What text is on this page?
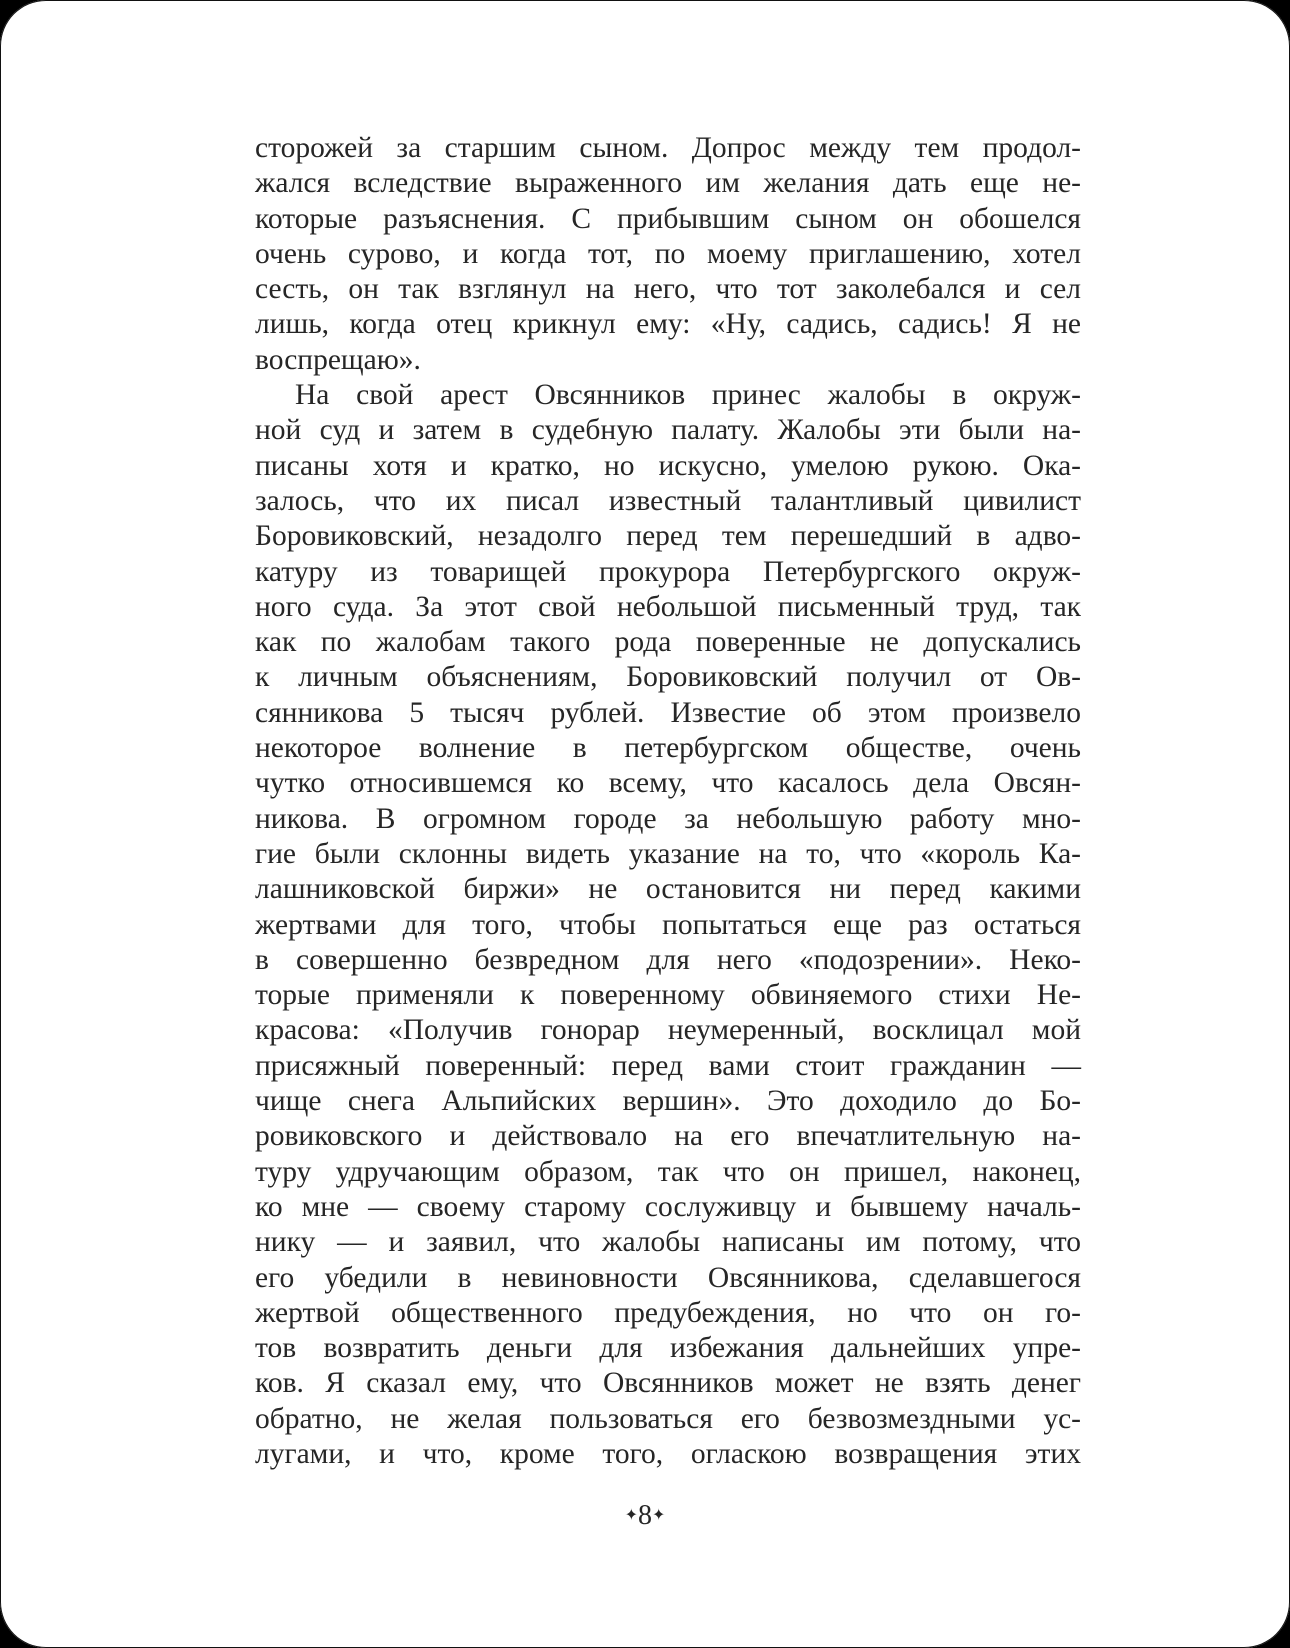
сторожей за старшим сыном. Допрос между тем продол-
жался вследствие выраженного им желания дать еще не-
которые разъяснения. С прибывшим сыном он обошелся
очень сурово, и когда тот, по моему приглашению, хотел
сесть, он так взглянул на него, что тот заколебался и сел
лишь, когда отец крикнул ему: «Ну, садись, садись! Я не
воспрещаю».
На свой арест Овсянников принес жалобы в окруж-
ной суд и затем в судебную палату. Жалобы эти были на-
писаны хотя и кратко, но искусно, умелою рукою. Ока-
залось, что их писал известный талантливый цивилист
Боровиковский, незадолго перед тем перешедший в адво-
катуру из товарищей прокурора Петербургского окруж-
ного суда. За этот свой небольшой письменный труд, так
как по жалобам такого рода поверенные не допускались
к личным объяснениям, Боровиковский получил от Ов-
сянникова 5 тысяч рублей. Известие об этом произвело
некоторое волнение в петербургском обществе, очень
чутко относившемся ко всему, что касалось дела Овсян-
никова. В огромном городе за небольшую работу мно-
гие были склонны видеть указание на то, что «король Ка-
лашниковской биржи» не остановится ни перед какими
жертвами для того, чтобы попытаться еще раз остаться
в совершенно безвредном для него «подозрении». Неко-
торые применяли к поверенному обвиняемого стихи Не-
красова: «Получив гонорар неумеренный, восклицал мой
присяжный поверенный: перед вами стоит гражданин —
чище снега Альпийских вершин». Это доходило до Бо-
ровиковского и действовало на его впечатлительную на-
туру удручающим образом, так что он пришел, наконец,
ко мне — своему старому сослуживцу и бывшему началь-
нику — и заявил, что жалобы написаны им потому, что
его убедили в невиновности Овсянникова, сделавшегося
жертвой общественного предубеждения, но что он го-
тов возвратить деньги для избежания дальнейших упре-
ков. Я сказал ему, что Овсянников может не взять денег
обратно, не желая пользоваться его безвозмездными ус-
лугами, и что, кроме того, огласкою возвращения этих
✦8✦
